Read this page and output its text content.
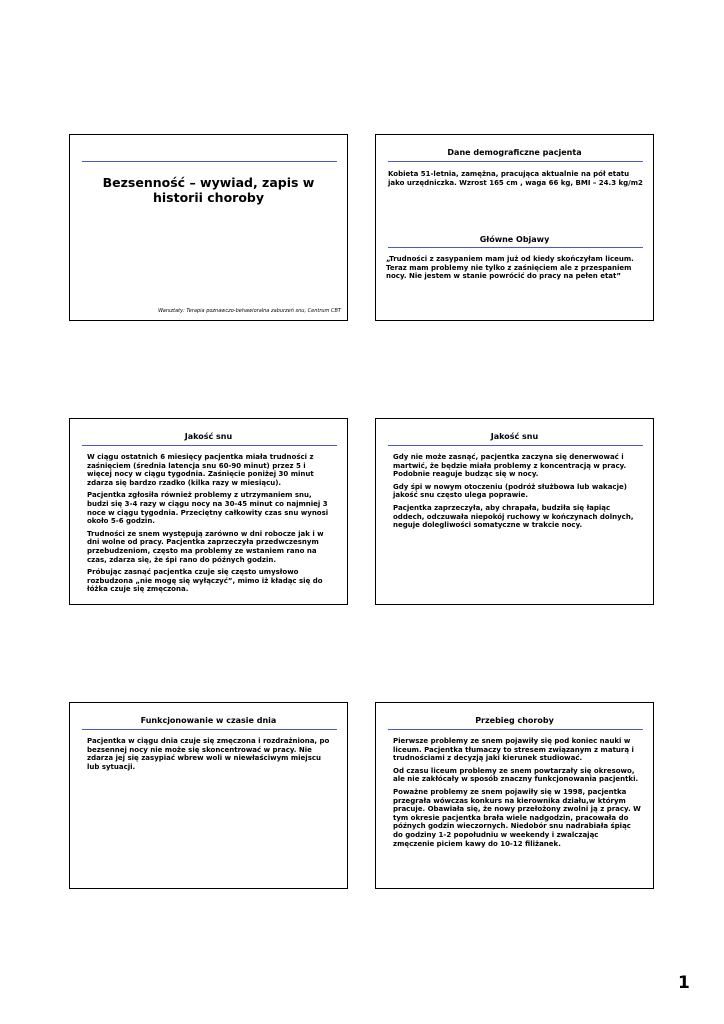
Bezsenność – wywiad, zapis w historii choroby
Warsztaty: Terapia poznawczo-behawioralna zaburzeń snu, Centrum CBT
Dane demograficzne pacjenta
Kobieta 51-letnia, zamężna, pracująca aktualnie na pół etatu jako urzędniczka. Wzrost 165 cm , waga 66 kg, BMI – 24.3 kg/m2
Główne Objawy
„Trudności z zasypaniem mam już od kiedy skończyłam liceum. Teraz mam problemy nie tylko z zaśnięciem ale z przespaniem nocy. Nie jestem w stanie powrócić do pracy na pełen etat”
Jakość snu

W ciągu ostatnich 6 miesięcy pacjentka miała trudności z zaśnięciem (średnia latencja snu 60-90 minut) przez 5 i więcej nocy w ciągu tygodnia. Zaśnięcie poniżej 30 minut zdarza się bardzo rzadko (kilka razy w miesiącu).

Pacjentka zgłosiła również problemy z utrzymaniem snu, budzi się 3-4 razy w ciągu nocy na 30-45 minut co najmniej 3 noce w ciągu tygodnia. Przeciętny całkowity czas snu wynosi około 5-6 godzin.

Trudności ze snem występują zarówno w dni robocze jak i w dni wolne od pracy. Pacjentka zaprzeczyła przedwczesnym przebudzeniom, często ma problemy ze wstaniem rano na czas, zdarza się, że śpi rano do późnych godzin.

Próbując zasnąć pacjentka czuje się często umysłowo rozbudzona „nie mogę się wyłączyć”, mimo iż kładąc się do łóżka czuje się zmęczona.

Jakość snu

Gdy nie może zasnąć, pacjentka zaczyna się denerwować i martwić, że będzie miała problemy z koncentracją w pracy. Podobnie reaguje budząc się w nocy.

Gdy śpi w nowym otoczeniu (podróż służbowa lub wakacje) jakość snu często ulega poprawie.

Pacjentka zaprzeczyła, aby chrapała, budziła się łapiąc oddech, odczuwała niepokój ruchowy w kończynach dolnych, neguje dolegliwości somatyczne w trakcie nocy.

Funkcjonowanie w czasie dnia

Pacjentka w ciągu dnia czuje się zmęczona i rozdrażniona, po bezsennej nocy nie może się skoncentrować w pracy. Nie zdarza jej się zasypiać wbrew woli w niewłaściwym miejscu lub sytuacji.

Przebieg choroby

Pierwsze problemy ze snem pojawiły się pod koniec nauki w liceum. Pacjentka tłumaczy to stresem związanym z maturą i trudnościami z decyzją jaki kierunek studiować.

Od czasu liceum problemy ze snem powtarzały się okresowo, ale nie zakłócały w sposób znaczny funkcjonowania pacjentki.

Poważne problemy ze snem pojawiły się w 1998, pacjentka przegrała wówczas konkurs na kierownika działu,w którym pracuje. Obawiała się, że nowy przełożony zwolni ją z pracy. W tym okresie pacjentka brała wiele nadgodzin, pracowała do późnych godzin wieczornych. Niedobór snu nadrabiała śpiąc do godziny 1-2 popołudniu w weekendy i zwalczając zmęczenie piciem kawy do 10-12 filiżanek.

1
